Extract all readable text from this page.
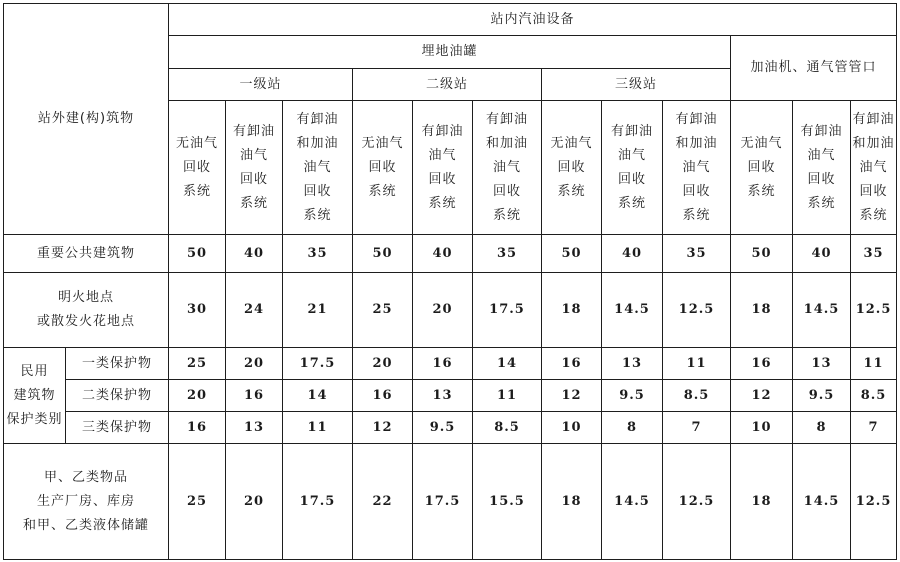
站外建(构)筑物		站内汽油设备											
		埋地油罐									加油机、通气管管口		
		一级站			二级站			三级站					

		无油气
回收
系统	有卸油
油气
回收
系统	有卸油
和加油
油气
回收
系统	无油气
回收
系统	有卸油
油气
回收
系统	有卸油
和加油
油气
回收
系统	无油气
回收
系统	有卸油
油气
回收
系统	有卸油
和加油
油气
回收
系统	无油气
回收
系统	有卸油
油气
回收
系统	有卸油
和加油
油气
回收
系统

重要公共建筑物		50	40	35	50	40	35	50	40	35	50	40	35

明火地点
或散发火花地点		30	24	21	25	20	17.5	18	14.5	12.5	18	14.5	12.5

民用
建筑物
保护类别	一类保护物	25	20	17.5	20	16	14	16	13	11	16	13	11
	二类保护物	20	16	14	16	13	11	12	9.5	8.5	12	9.5	8.5
	三类保护物	16	13	11	12	9.5	8.5	10	8	7	10	8	7

甲、乙类物品
生产厂房、库房
和甲、乙类液体储罐		25	20	17.5	22	17.5	15.5	18	14.5	12.5	18	14.5	12.5
